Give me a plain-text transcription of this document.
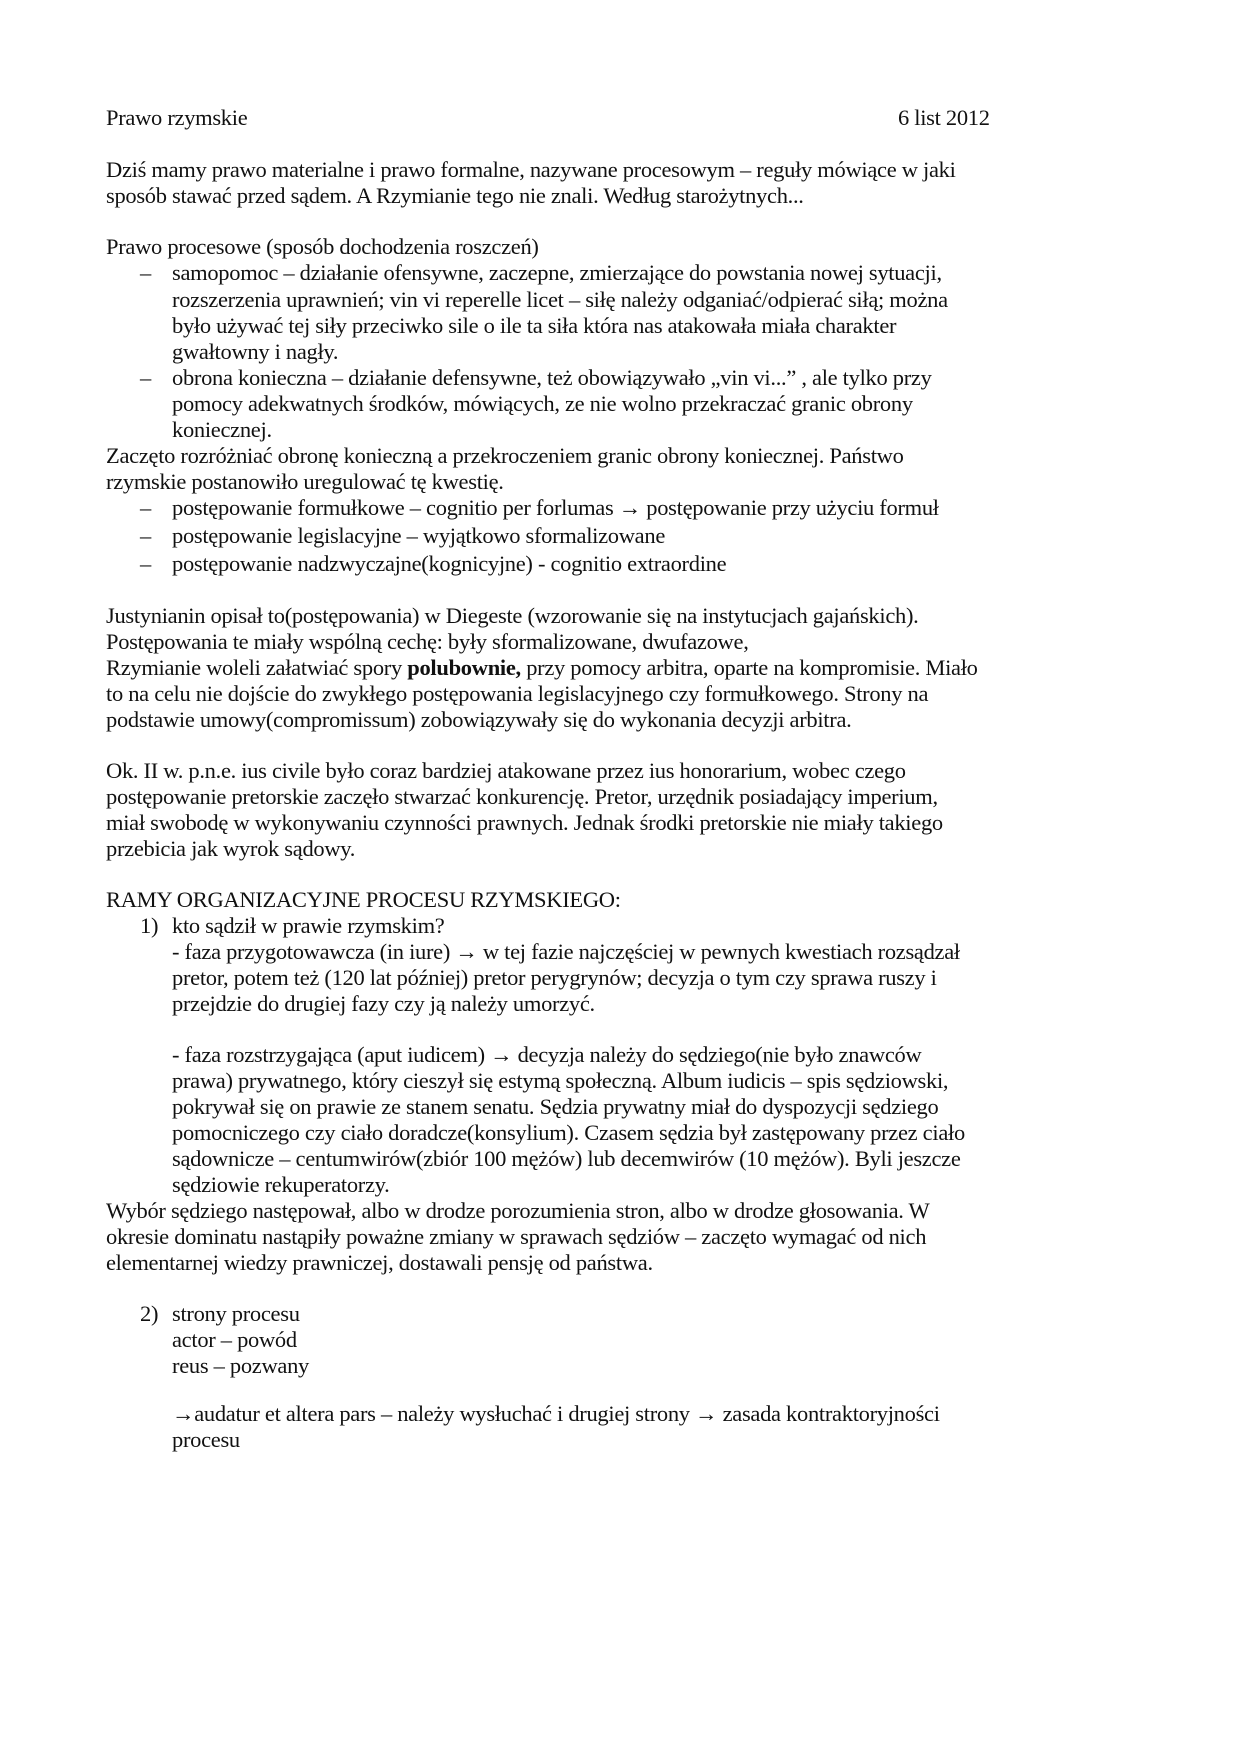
Prawo rzymskie	6 list 2012
Dziś mamy prawo materialne i prawo formalne, nazywane procesowym – reguły mówiące w jaki
sposób stawać przed sądem. A Rzymianie tego nie znali. Według starożytnych...
Prawo procesowe (sposób dochodzenia roszczeń)
– samopomoc – działanie ofensywne, zaczepne, zmierzające do powstania nowej sytuacji,
rozszerzenia uprawnień; vin vi reperelle licet – siłę należy odganiać/odpierać siłą; można
było używać tej siły przeciwko sile o ile ta siła która nas atakowała miała charakter
gwałtowny i nagły.
– obrona konieczna – działanie defensywne, też obowiązywało „vin vi...” , ale tylko przy
pomocy adekwatnych środków, mówiących, ze nie wolno przekraczać granic obrony
koniecznej.
Zaczęto rozróżniać obronę konieczną a przekroczeniem granic obrony koniecznej. Państwo
rzymskie postanowiło uregulować tę kwestię.
– postępowanie formułkowe – cognitio per forlumas → postępowanie przy użyciu formuł
– postępowanie legislacyjne – wyjątkowo sformalizowane
– postępowanie nadzwyczajne(kognicyjne) - cognitio extraordine
Justynianin opisał to(postępowania) w Diegeste (wzorowanie się na instytucjach gajańskich).
Postępowania te miały wspólną cechę: były sformalizowane, dwufazowe,
Rzymianie woleli załatwiać spory polubownie, przy pomocy arbitra, oparte na kompromisie. Miało
to na celu nie dojście do zwykłego postępowania legislacyjnego czy formułkowego. Strony na
podstawie umowy(compromissum) zobowiązywały się do wykonania decyzji arbitra.
Ok. II w. p.n.e. ius civile było coraz bardziej atakowane przez ius honorarium, wobec czego
postępowanie pretorskie zaczęło stwarzać konkurencję. Pretor, urzędnik posiadający imperium,
miał swobodę w wykonywaniu czynności prawnych. Jednak środki pretorskie nie miały takiego
przebicia jak wyrok sądowy.
RAMY ORGANIZACYJNE PROCESU RZYMSKIEGO:
1) kto sądził w prawie rzymskim?
- faza przygotowawcza (in iure) → w tej fazie najczęściej w pewnych kwestiach rozsądzał
pretor, potem też (120 lat później) pretor perygrynów; decyzja o tym czy sprawa ruszy i
przejdzie do drugiej fazy czy ją należy umorzyć.
- faza rozstrzygająca (aput iudicem) → decyzja należy do sędziego(nie było znawców
prawa) prywatnego, który cieszył się estymą społeczną. Album iudicis – spis sędziowski,
pokrywał się on prawie ze stanem senatu. Sędzia prywatny miał do dyspozycji sędziego
pomocniczego czy ciało doradcze(konsylium). Czasem sędzia był zastępowany przez ciało
sądownicze – centumwirów(zbiór 100 mężów) lub decemwirów (10 mężów). Byli jeszcze
sędziowie rekuperatorzy.
Wybór sędziego następował, albo w drodze porozumienia stron, albo w drodze głosowania. W
okresie dominatu nastąpiły poważne zmiany w sprawach sędziów – zaczęto wymagać od nich
elementarnej wiedzy prawniczej, dostawali pensję od państwa.
2) strony procesu
actor – powód
reus – pozwany
→audatur et altera pars – należy wysłuchać i drugiej strony → zasada kontraktoryjności
procesu
